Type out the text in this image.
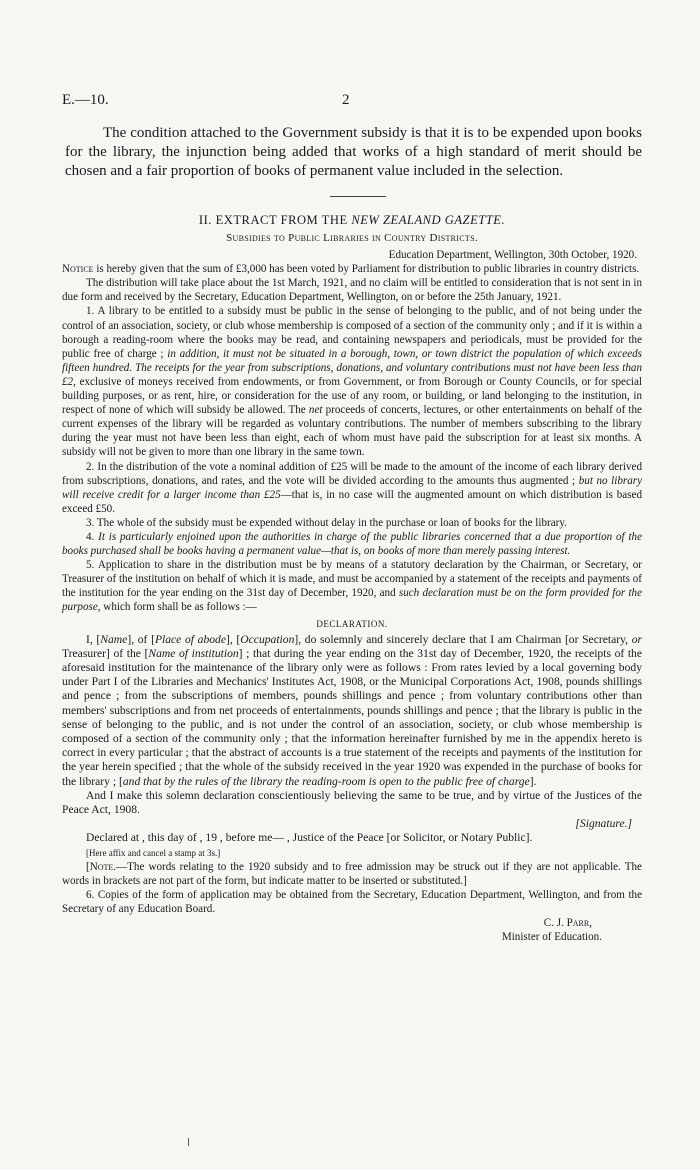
E.—10.	2

The condition attached to the Government subsidy is that it is to be expended upon books for the library, the injunction being added that works of a high standard of merit should be chosen and a fair proportion of books of permanent value included in the selection.

II. EXTRACT FROM THE NEW ZEALAND GAZETTE.
Subsidies to Public Libraries in Country Districts.
Education Department, Wellington, 30th October, 1920.

Notice is hereby given that the sum of £3,000 has been voted by Parliament for distribution to public libraries in country districts.

The distribution will take place about the 1st March, 1921, and no claim will be entitled to consideration that is not sent in in due form and received by the Secretary, Education Department, Wellington, on or before the 25th January, 1921.

1. A library to be entitled to a subsidy must be public in the sense of belonging to the public, and of not being under the control of an association, society, or club whose membership is composed of a section of the community only ; and if it is within a borough a reading-room where the books may be read, and containing newspapers and periodicals, must be provided for the public free of charge ; in addition, it must not be situated in a borough, town, or town district the population of which exceeds fifteen hundred. The receipts for the year from subscriptions, donations, and voluntary contributions must not have been less than £2, exclusive of moneys received from endowments, or from Government, or from Borough or County Councils, or for special building purposes, or as rent, hire, or consideration for the use of any room, or building, or land belonging to the institution, in respect of none of which will subsidy be allowed. The net proceeds of concerts, lectures, or other entertainments on behalf of the current expenses of the library will be regarded as voluntary contributions. The number of members subscribing to the library during the year must not have been less than eight, each of whom must have paid the subscription for at least six months. A subsidy will not be given to more than one library in the same town.

2. In the distribution of the vote a nominal addition of £25 will be made to the amount of the income of each library derived from subscriptions, donations, and rates, and the vote will be divided according to the amounts thus augmented ; but no library will receive credit for a larger income than £25—that is, in no case will the augmented amount on which distribution is based exceed £50.

3. The whole of the subsidy must be expended without delay in the purchase or loan of books for the library.

4. It is particularly enjoined upon the authorities in charge of the public libraries concerned that a due proportion of the books purchased shall be books having a permanent value—that is, on books of more than merely passing interest.

5. Application to share in the distribution must be by means of a statutory declaration by the Chairman, or Secretary, or Treasurer of the institution on behalf of which it is made, and must be accompanied by a statement of the receipts and payments of the institution for the year ending on the 31st day of December, 1920, and such declaration must be on the form provided for the purpose, which form shall be as follows :—

DECLARATION.

I, [Name], of [Place of abode], [Occupation], do solemnly and sincerely declare that I am Chairman [or Secretary, or Treasurer] of the [Name of institution] ; that during the year ending on the 31st day of December, 1920, the receipts of the aforesaid institution for the maintenance of the library only were as follows : From rates levied by a local governing body under Part I of the Libraries and Mechanics' Institutes Act, 1908, or the Municipal Corporations Act, 1908, pounds shillings and pence ; from the subscriptions of members, pounds shillings and pence ; from voluntary contributions other than members' subscriptions and from net proceeds of entertainments, pounds shillings and pence ; that the library is public in the sense of belonging to the public, and is not under the control of an association, society, or club whose membership is composed of a section of the community only ; that the information hereinafter furnished by me in the appendix hereto is correct in every particular ; that the abstract of accounts is a true statement of the receipts and payments of the institution for the year herein specified ; that the whole of the subsidy received in the year 1920 was expended in the purchase of books for the library ; [and that by the rules of the library the reading-room is open to the public free of charge].

And I make this solemn declaration conscientiously believing the same to be true, and by virtue of the Justices of the Peace Act, 1908.

[Signature.]

Declared at , this day of , 19 , before me— , Justice of the Peace [or Solicitor, or Notary Public].

[Here affix and cancel a stamp at 3s.]

[Note.—The words relating to the 1920 subsidy and to free admission may be struck out if they are not applicable. The words in brackets are not part of the form, but indicate matter to be inserted or substituted.]

6. Copies of the form of application may be obtained from the Secretary, Education Department, Wellington, and from the Secretary of any Education Board.

C. J. Parr,
Minister of Education.
